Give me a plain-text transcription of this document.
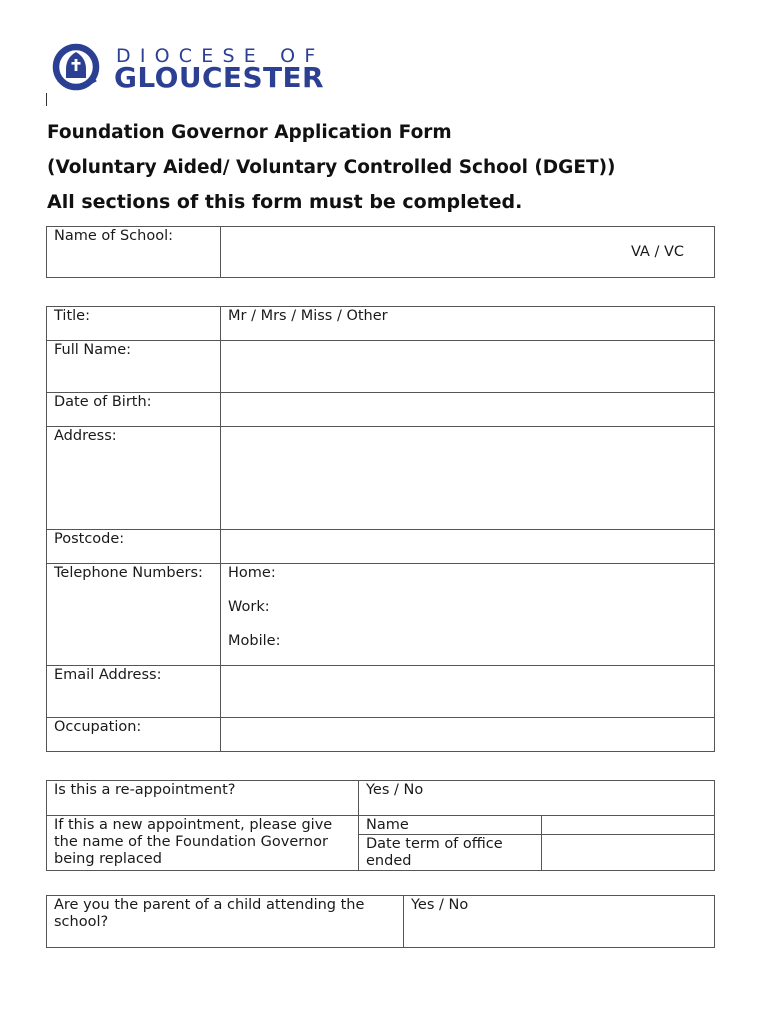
DIOCESE OF
GLOUCESTER
Foundation Governor Application Form
(Voluntary Aided/ Voluntary Controlled School (DGET))
All sections of this form must be completed.
Name of School:		VA / VC
Title:	Mr / Mrs / Miss / Other
Full Name:	
Date of Birth:	
Address:	
Postcode:	
Telephone Numbers:	Home:
Work:
Mobile:

Email Address:	
Occupation:	
Is this a re-appointment?	Yes / No	
If this a new appointment, please give the name of the Foundation Governor being replaced	Name	
	Date term of office ended	
Are you the parent of a child attending the school?	Yes / No
